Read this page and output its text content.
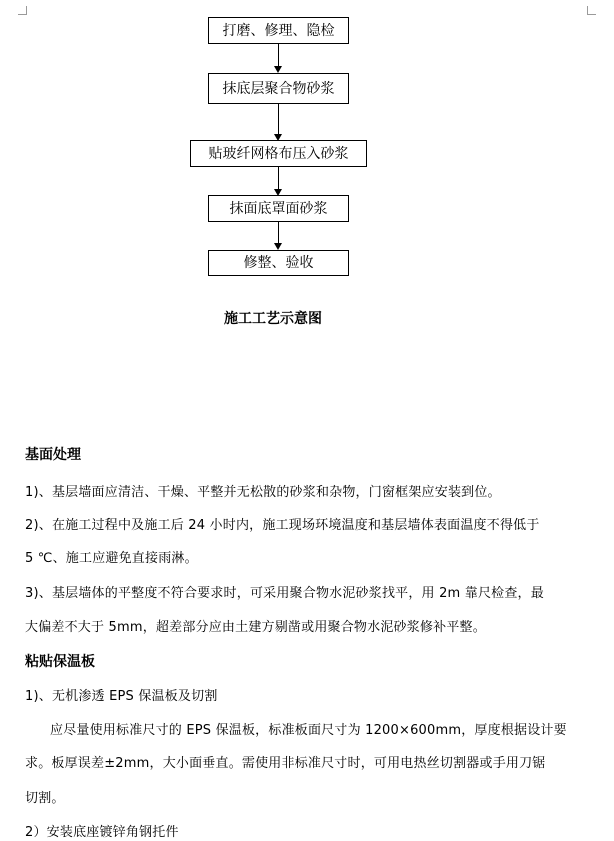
打磨、修理、隐检
抹底层聚合物砂浆
贴玻纤网格布压入砂浆
抹面底罩面砂浆
修整、验收
施工工艺示意图
基面处理
1)、基层墙面应清洁、干燥、平整并无松散的砂浆和杂物，门窗框架应安装到位。
2)、在施工过程中及施工后 24 小时内，施工现场环境温度和基层墙体表面温度不得低于
5 ℃、施工应避免直接雨淋。
3)、基层墙体的平整度不符合要求时，可采用聚合物水泥砂浆找平，用 2m 靠尺检查，最
大偏差不大于 5mm，超差部分应由土建方剔凿或用聚合物水泥砂浆修补平整。
粘贴保温板
1)、无机渗透 EPS 保温板及切割
应尽量使用标准尺寸的 EPS 保温板，标准板面尺寸为 1200×600mm，厚度根据设计要
求。板厚误差±2mm，大小面垂直。需使用非标准尺寸时，可用电热丝切割器或手用刀锯
切割。
2）安装底座镀锌角钢托件
